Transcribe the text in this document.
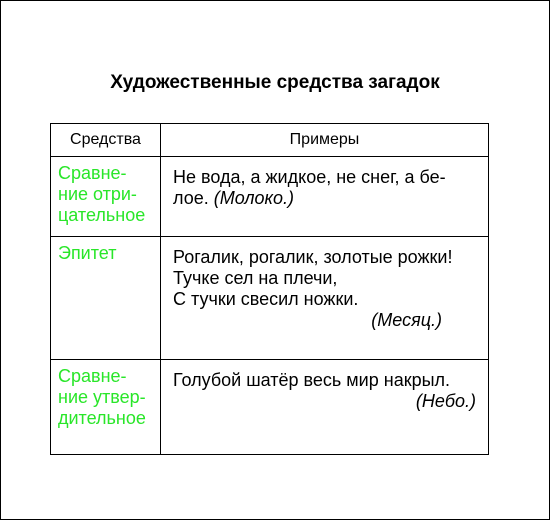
Художественные средства загадок
Средства	Примеры
Сравне-
ние отри-
цательное	Не вода, а жидкое, не снег, а бе-
лое. (Молоко.)
Эпитет	Рогалик, рогалик, золотые рожки!
Тучке сел на плечи,
С тучки свесил ножки.
(Месяц.)

Сравне-
ние утвер-
дительное	Голубой шатёр весь мир накрыл.
(Небо.)
